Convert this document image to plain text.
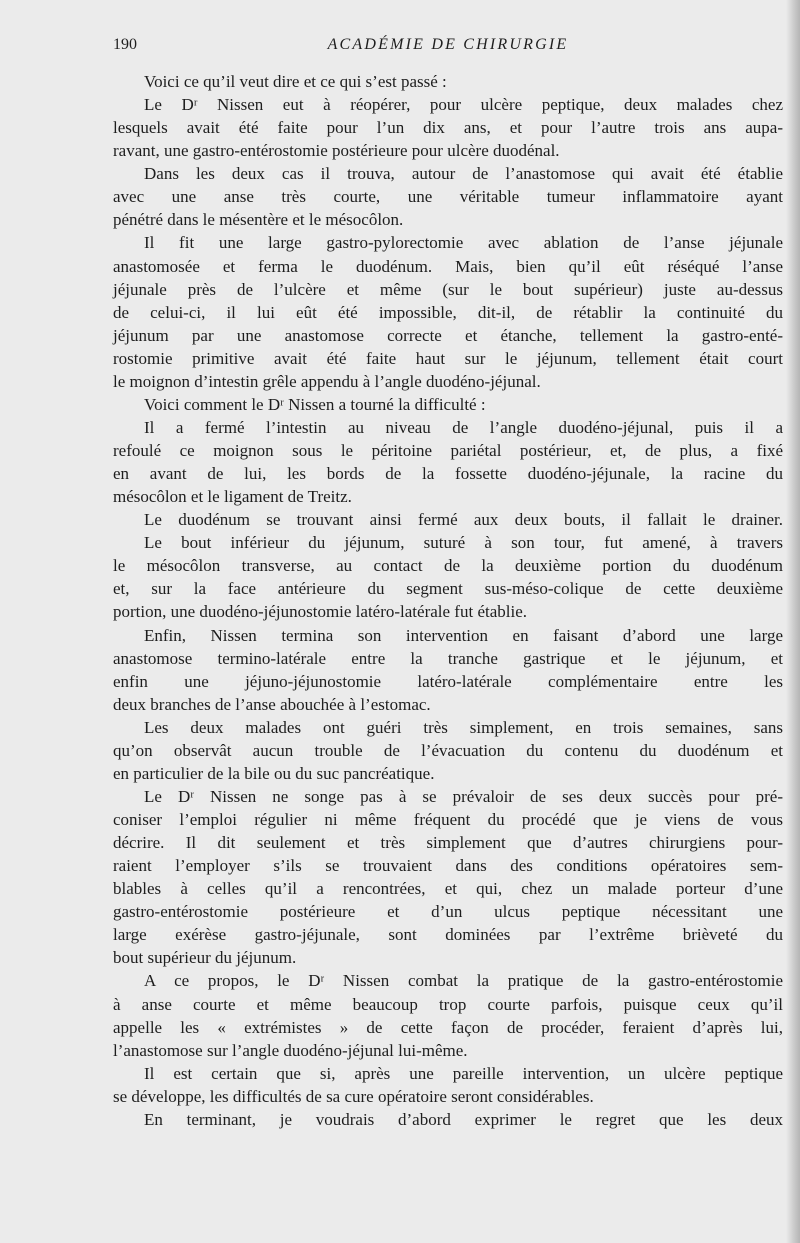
190	ACADÉMIE DE CHIRURGIE
Voici ce qu’il veut dire et ce qui s’est passé :
Le Dʳ Nissen eut à réopérer, pour ulcère peptique, deux malades chez
lesquels avait été faite pour l’un dix ans, et pour l’autre trois ans aupa-
ravant, une gastro-entérostomie postérieure pour ulcère duodénal.
Dans les deux cas il trouva, autour de l’anastomose qui avait été établie
avec une anse très courte, une véritable tumeur inflammatoire ayant
pénétré dans le mésentère et le mésocôlon.
Il fit une large gastro-pylorectomie avec ablation de l’anse jéjunale
anastomosée et ferma le duodénum. Mais, bien qu’il eût réséqué l’anse
jéjunale près de l’ulcère et même (sur le bout supérieur) juste au-dessus
de celui-ci, il lui eût été impossible, dit-il, de rétablir la continuité du
jéjunum par une anastomose correcte et étanche, tellement la gastro-enté-
rostomie primitive avait été faite haut sur le jéjunum, tellement était court
le moignon d’intestin grêle appendu à l’angle duodéno-jéjunal.
Voici comment le Dʳ Nissen a tourné la difficulté :
Il a fermé l’intestin au niveau de l’angle duodéno-jéjunal, puis il a
refoulé ce moignon sous le péritoine pariétal postérieur, et, de plus, a fixé
en avant de lui, les bords de la fossette duodéno-jéjunale, la racine du
mésocôlon et le ligament de Treitz.
Le duodénum se trouvant ainsi fermé aux deux bouts, il fallait le drainer.
Le bout inférieur du jéjunum, suturé à son tour, fut amené, à travers
le mésocôlon transverse, au contact de la deuxième portion du duodénum
et, sur la face antérieure du segment sus-méso-colique de cette deuxième
portion, une duodéno-jéjunostomie latéro-latérale fut établie.
Enfin, Nissen termina son intervention en faisant d’abord une large
anastomose termino-latérale entre la tranche gastrique et le jéjunum, et
enfin une jéjuno-jéjunostomie latéro-latérale complémentaire entre les
deux branches de l’anse abouchée à l’estomac.
Les deux malades ont guéri très simplement, en trois semaines, sans
qu’on observât aucun trouble de l’évacuation du contenu du duodénum et
en particulier de la bile ou du suc pancréatique.
Le Dʳ Nissen ne songe pas à se prévaloir de ses deux succès pour pré-
coniser l’emploi régulier ni même fréquent du procédé que je viens de vous
décrire. Il dit seulement et très simplement que d’autres chirurgiens pour-
raient l’employer s’ils se trouvaient dans des conditions opératoires sem-
blables à celles qu’il a rencontrées, et qui, chez un malade porteur d’une
gastro-entérostomie postérieure et d’un ulcus peptique nécessitant une
large exérèse gastro-jéjunale, sont dominées par l’extrême brièveté du
bout supérieur du jéjunum.
A ce propos, le Dʳ Nissen combat la pratique de la gastro-entérostomie
à anse courte et même beaucoup trop courte parfois, puisque ceux qu’il
appelle les « extrémistes » de cette façon de procéder, feraient d’après lui,
l’anastomose sur l’angle duodéno-jéjunal lui-même.
Il est certain que si, après une pareille intervention, un ulcère peptique
se développe, les difficultés de sa cure opératoire seront considérables.
En terminant, je voudrais d’abord exprimer le regret que les deux
